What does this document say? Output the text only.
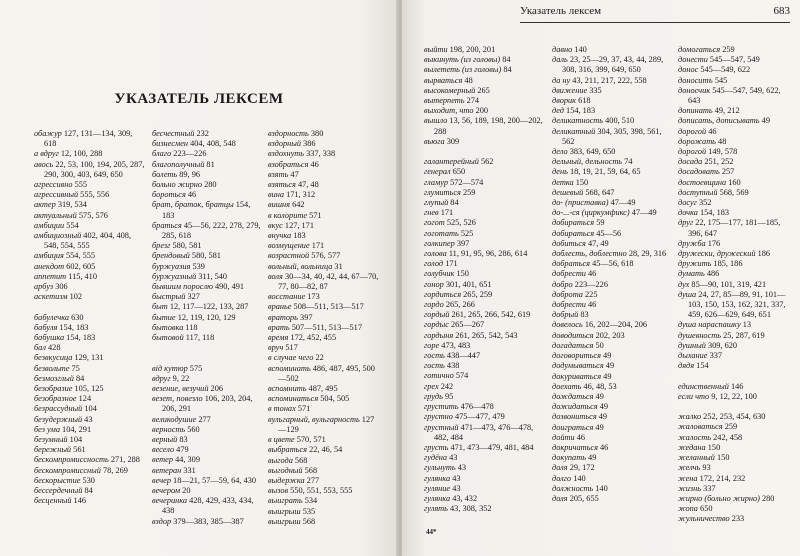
УКАЗАТЕЛЬ ЛЕКСЕМ
обажур 127, 131—134, 309, 618
а вдруг 12, 100, 288
авось 22, 53, 100, 194, 205, 287, 290, 300, 403, 649, 650
агрессивно 555
агрессивный 555, 556
актер 319, 534
актуальный 575, 576
амбиции 554
амбициозный 402, 404, 408, 548, 554, 555
амбиция 554, 555
анекдот 602, 605
аппетит 115, 410
арбуз 306
аскетизм 102
бабулечка 630
бабуля 154, 183
бабушка 154, 183
бал 428
безвкусица 129, 131
безвольте 75
безмозглый 84
безобразие 105, 125
безобразное 124
безрассудный 104
безудержный 43
без ума 104, 291
безумный 104
бережный 561
бескомпромиссность 271, 288
бескомпромиссный 78, 269
бескорыстие 530
бессердечный 84
бесценный 146
бесчестный 232
бизнесмен 404, 408, 548
благо 223—226
благополучный 81
болеть 89, 96
больно жирно 280
бороться 46
брат, браток, братцы 154, 183
браться 45—56, 222, 278, 279, 285, 618
брезг 580, 581
брендовый 580, 581
буржуазия 539
буржуазный 311, 540
бывшим порослю 490, 491
быстрый 327
быт 12, 117—122, 133, 287
бытие 12, 119, 120, 129
бытовка 118
бытовой 117, 118
від кутюр 575
вдруг 9, 22
везение, везучий 206
везет, повезло 106, 203, 204, 206, 291
великодушие 277
верность 560
верный 83
весело 479
ветер 44, 309
ветеран 331
вечер 18—21, 57—59, 64, 430
вечером 20
вечеринка 428, 429, 433, 434, 438
вздор 379—383, 385—387
вздорность 380
вздорный 386
вздохнуть 337, 338
взобраться 46
взять 47
взяться 47, 48
вина 171, 312
вишня 642
в колорите 571
вкус 127, 171
внучка 183
возмущение 171
возрастной 576, 577
вольный, вольница 31
воля 30—34, 40, 42, 44, 67—70, 77, 80—82, 87
восстание 173
вранье 508—511, 513—517
враторь 397
врать 507—511, 513—517
время 172, 452, 455
вруч 517
в случае чего 22
вспоминать 486, 487, 495, 500—502
вспомнить 487, 495
вспоминаться 504, 505
в тонах 571
вульгарный, вульгарность 127—129
в цвете 570, 571
выбраться 22, 46, 54
выгода 568
выгодный 568
выдержка 277
вызов 550, 551, 553, 555
выиграть 534
выигрыш 535
выигрыш 568
Указатель лексем	683
выйти 198, 200, 201
выкинуть (из головы) 84
вылететь (из головы) 84
вырваться 48
высокомерный 265
вытерпеть 274
выходит, что 200
вышло 13, 56, 189, 198, 200—202, 288
вьюга 309
галантерейный 562
генерал 650
гламур 572—574
глумиться 259
глупый 84
гнев 171
гогот 525, 526
гоготать 525
голкипер 397
голова 11, 91, 95, 96, 286, 614
голод 171
голубчик 150
гонор 301, 401, 651
гордиться 265, 259
гордо 265, 266
гордый 261, 265, 266, 542, 619
гордыс 265—267
гордыня 261, 265, 542, 543
горе 473, 483
гость 438—447
гость 438
готично 574
грех 242
грудь 95
грустить 476—478
грустно 475—477, 479
грустный 471—473, 476—478, 482, 484
грусть 471, 473—479, 481, 484
гудёна 43
гульнуть 43
гулянка 43
гуляние 43
гулянка 43, 432
гулять 43, 308, 352
давно 140
даль 23, 25—29, 37, 43, 44, 289, 308, 316, 399, 649, 650
да ну 43, 211, 217, 222, 558
движение 335
дворик 618
дед 154, 183
деликатность 400, 510
деликатный 304, 305, 398, 561, 562
дело 383, 649, 650
дельный, дельность 74
день 18, 19, 21, 59, 64, 65
детка 150
дешевый 568, 647
до- (приставка) 47—49
до-...-ся (циркумфикс) 47—49
добираться 59
добираться 45—56
добиться 47, 49
доблесть, доблестно 28, 29, 316
добраться 45—56, 618
добрести 46
добро 223—226
доброта 225
добрести 46
добрый 83
довелось 16, 202—204, 206
доводиться 202, 203
догадаться 50
договориться 49
додумываться 49
докуриваться 49
доехать 46, 48, 53
дождаться 49
дожидаться 49
дозвониться 49
доиграться 49
дойти 46
докричаться 46
докупать 49
доля 29, 172
долго 140
должность 140
доля 205, 655
домогаться 259
донести 545—547, 549
донос 545—549, 622
доноситъ 545
доносчик 545—547, 549, 622, 643
допинать 49, 212
дописать, дописывать 49
дорогой 46
дорожать 48
дорогой 149, 578
досада 251, 252
досадовать 257
достоевщина 160
доступный 568, 569
досуг 352
дочка 154, 183
друг 22, 175—177, 181—185, 396, 647
дружба 176
дружески, дружеский 186
дружить 185, 186
думать 486
дух 85—90, 101, 319, 421
душа 24, 27, 85—89, 91, 101—103, 150, 153, 162, 321, 337, 459, 626—629, 649, 651
душа нараспашку 13
душевность 25, 287, 619
душный 309, 620
дыхание 337
дядя 154
единственный 146
если что 9, 12, 22, 100
жалко 252, 253, 454, 630
жаловаться 259
жалость 242, 458
жедана 150
желанный 150
желчь 93
жена 172, 214, 232
жизнь 337
жирно (больно жирно) 280
жопа 650
жульничество 233
44*
